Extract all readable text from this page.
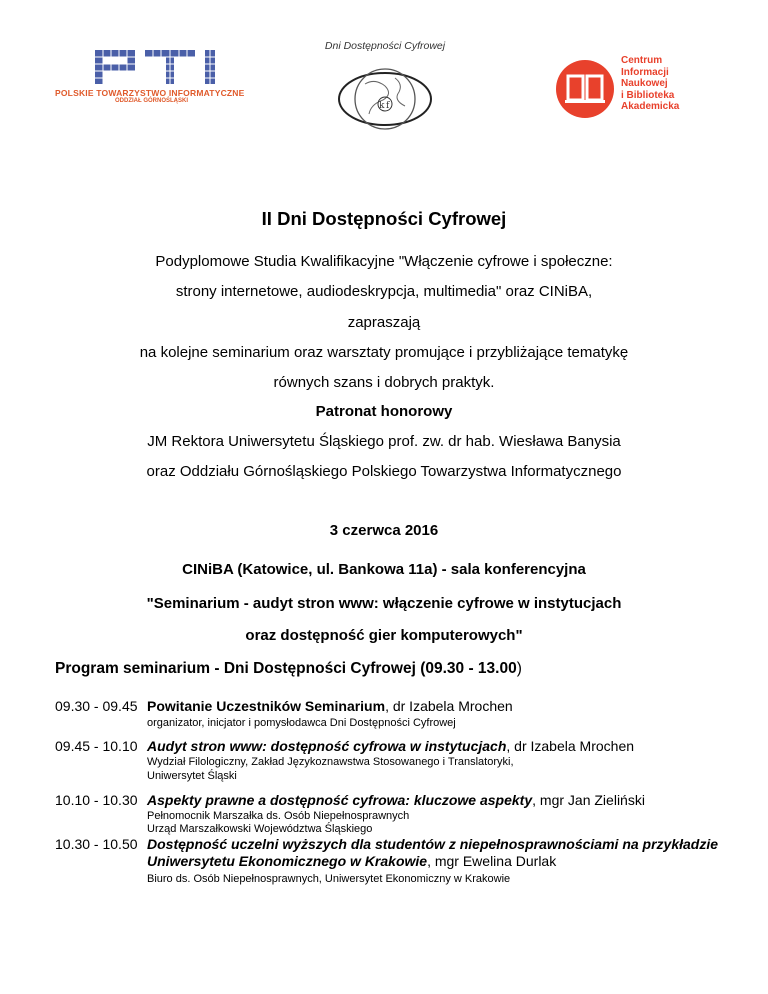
POLSKIE TOWARZYSTWO INFORMATYCZNE
ODDZIAŁ GÓRNOŚLĄSKI
Dni Dostępności Cyfrowej
k f
Centrum
Informacji
Naukowej
i Biblioteka
Akademicka
II Dni Dostępności Cyfrowej
Podyplomowe Studia Kwalifikacyjne "Włączenie cyfrowe i społeczne:
strony internetowe, audiodeskrypcja, multimedia" oraz CINiBA,
zapraszają
na kolejne seminarium oraz warsztaty promujące i przybliżające tematykę
równych szans i dobrych praktyk.
Patronat honorowy
JM Rektora Uniwersytetu Śląskiego prof. zw. dr hab. Wiesława Banysia
oraz Oddziału Górnośląskiego Polskiego Towarzystwa Informatycznego
3 czerwca 2016
CINiBA (Katowice, ul. Bankowa 11a) - sala konferencyjna
"Seminarium - audyt stron www: włączenie cyfrowe w instytucjach
oraz dostępność gier komputerowych"
Program seminarium - Dni Dostępności Cyfrowej (09.30 - 13.00)
09.30 - 09.45 Powitanie Uczestników Seminarium, dr Izabela Mrochen
organizator, inicjator i pomysłodawca Dni Dostępności Cyfrowej
09.45 - 10.10 Audyt stron www: dostępność cyfrowa w instytucjach, dr Izabela Mrochen
Wydział Filologiczny, Zakład Językoznawstwa Stosowanego i Translatoryki,
Uniwersytet Śląski
10.10 - 10.30 Aspekty prawne a dostępność cyfrowa: kluczowe aspekty, mgr Jan Zieliński
Pełnomocnik Marszałka ds. Osób Niepełnosprawnych
Urząd Marszałkowski Województwa Śląskiego
10.30 - 10.50 Dostępność uczelni wyższych dla studentów z niepełnosprawnościami na przykładzie
Uniwersytetu Ekonomicznego w Krakowie, mgr Ewelina Durlak
Biuro ds. Osób Niepełnosprawnych, Uniwersytet Ekonomiczny w Krakowie
